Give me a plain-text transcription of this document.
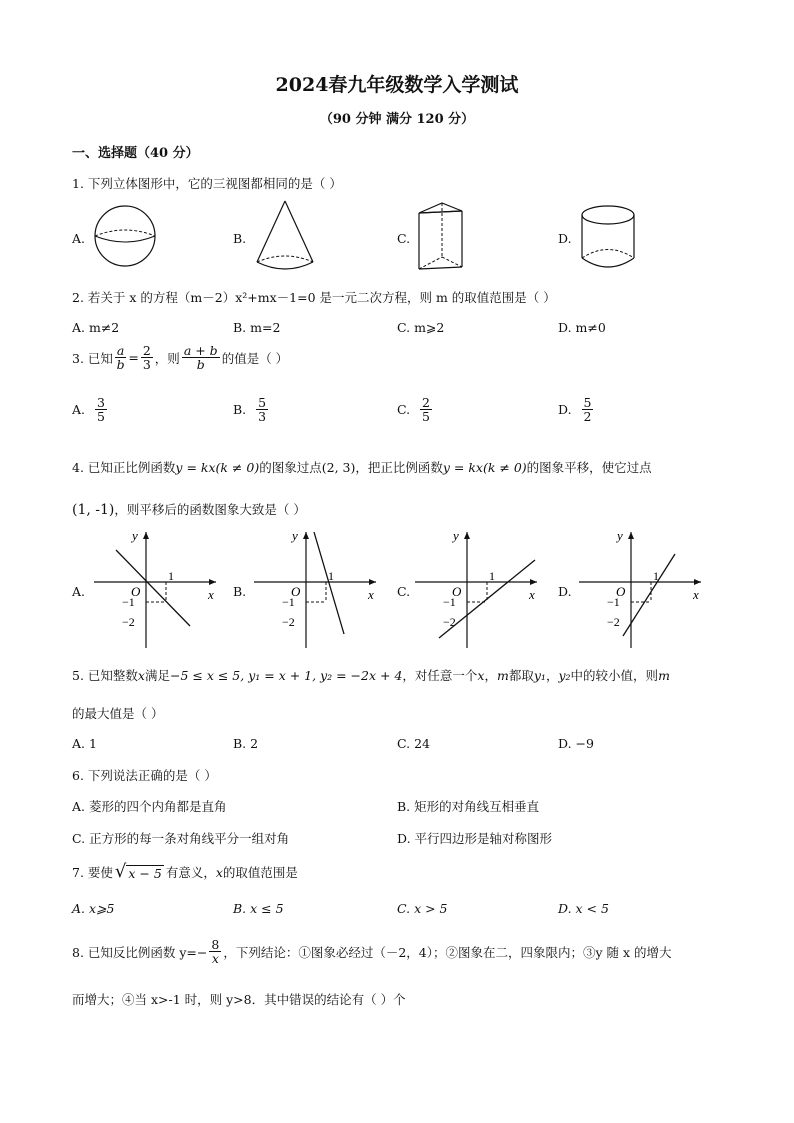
2024春九年级数学入学测试
（90 分钟 满分 120 分）
一、选择题（40 分）
1. 下列立体图形中，它的三视图都相同的是（ ）
A.	B.	C.	D.
2. 若关于 x 的方程（m－2）x²+mx－1=0 是一元二次方程，则 m 的取值范围是（ ）
A. m≠2	B. m=2	C. m⩾2	D. m≠0
3. 已知 $\frac{a}{b} = \frac{2}{3}$ ，则 $\frac{a + b}{b}$ 的值是（ ）
A.
$\frac{3}{5}$	B.
$\frac{5}{3}$	C.
$\frac{2}{5}$	D.
$\frac{5}{2}$
4. 已知正比例函数y = kx(k ≠ 0)的图象过点(2, 3)，把正比例函数y = kx(k ≠ 0)的图象平移，使它过点
(1, -1)，则平移后的函数图象大致是（ ）
A.	B.	C.	D.
y
x
O
1
−1
−2
y
x
O
1
−1
−2
y
x
O
1
−1
−2
y
x
O
1
−1
−2
5. 已知整数x满足−5 ≤ x ≤ 5, y₁ = x + 1, y₂ = −2x + 4，对任意一个x，m都取y₁，y₂中的较小值，则m
的最大值是（ ）
A. 1	B. 2	C. 24	D. −9
6. 下列说法正确的是（ ）
A. 菱形的四个内角都是直角	B. 矩形的对角线互相垂直
C. 正方形的每一条对角线平分一组对角	D. 平行四边形是轴对称图形
7. 要使 √ x − 5 有意义， x 的取值范围是
A. x⩾5	B. x ≤ 5	C. x > 5	D. x < 5
8. 已知反比例函数 $y=- \frac{8}{x}$ ，下列结论：①图象必经过（－2，4）；②图象在二，四象限内；③y 随 x 的增大
而增大；④当 x>-1 时，则 y>8．其中错误的结论有（ ）个
